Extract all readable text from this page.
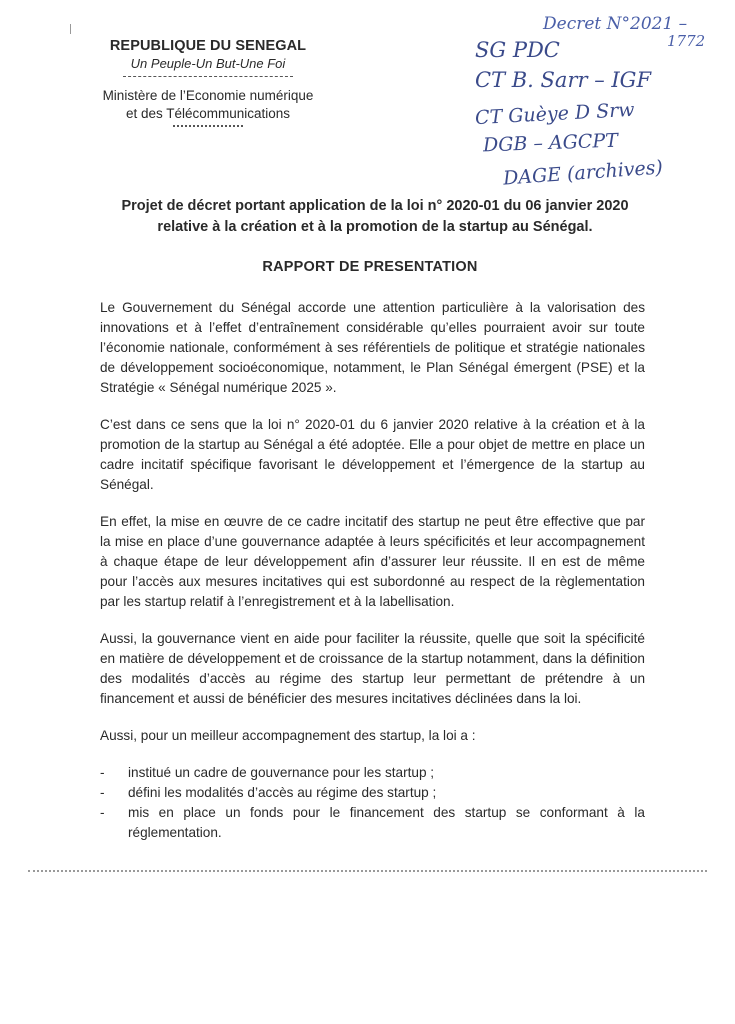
REPUBLIQUE DU SENEGAL
Un Peuple-Un But-Une Foi
Ministère de l’Economie numérique
et des Télécommunications
Decret N°2021 –
1772
SG PDC
CT B. Sarr – IGF
CT Guèye D Srw
DGB – AGCPT
DAGE (archives)
Projet de décret portant application de la loi n° 2020-01 du 06 janvier 2020 relative à la création et à la promotion de la startup au Sénégal.
RAPPORT DE PRESENTATION

Le Gouvernement du Sénégal accorde une attention particulière à la valorisation des innovations et à l’effet d’entraînement considérable qu’elles pourraient avoir sur toute l’économie nationale, conformément à ses référentiels de politique et stratégie nationales de développement socioéconomique, notamment, le Plan Sénégal émergent (PSE) et la Stratégie « Sénégal numérique 2025 ».

C’est dans ce sens que la loi n° 2020-01 du 6 janvier 2020 relative à la création et à la promotion de la startup au Sénégal a été adoptée. Elle a pour objet de mettre en place un cadre incitatif spécifique favorisant le développement et l’émergence de la startup au Sénégal.

En effet, la mise en œuvre de ce cadre incitatif des startup ne peut être effective que par la mise en place d’une gouvernance adaptée à leurs spécificités et leur accompagnement à chaque étape de leur développement afin d’assurer leur réussite. Il en est de même pour l’accès aux mesures incitatives qui est subordonné au respect de la règlementation par les startup relatif à l’enregistrement et à la labellisation.

Aussi, la gouvernance vient en aide pour faciliter la réussite, quelle que soit la spécificité en matière de développement et de croissance de la startup notamment, dans la définition des modalités d’accès au régime des startup leur permettant de prétendre à un financement et aussi de bénéficier des mesures incitatives déclinées dans la loi.

Aussi, pour un meilleur accompagnement des startup, la loi a :

-	institué un cadre de gouvernance pour les startup ;
-	défini les modalités d’accès au régime des startup ;
-	mis en place un fonds pour le financement des startup se conformant à la réglementation.
